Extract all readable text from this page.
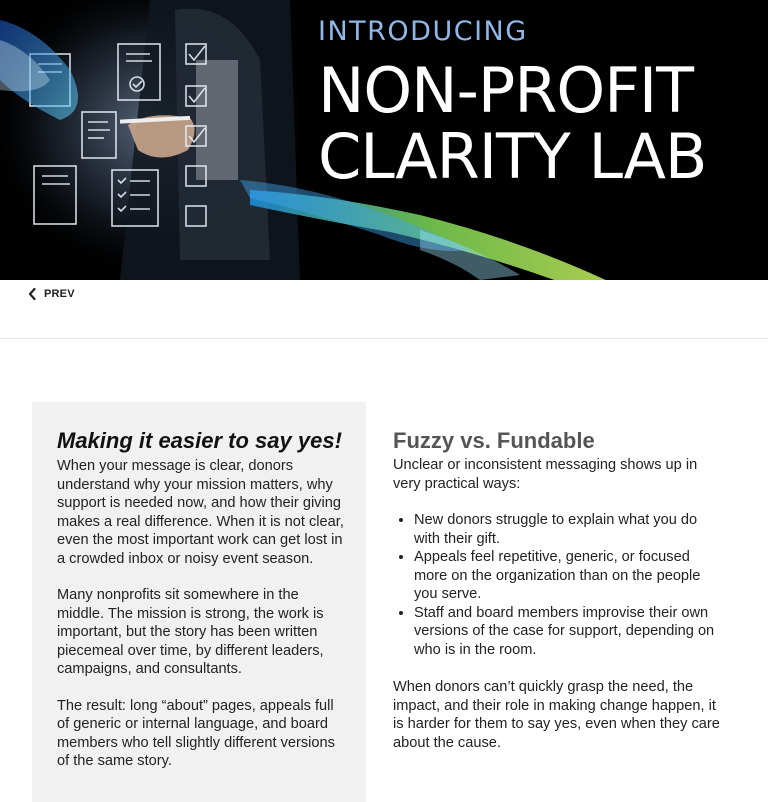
INTRODUCING
NON-PROFIT
CLARITY LAB
PREV
Making it easier to say yes!

When your message is clear, donors understand why your mission matters, why support is needed now, and how their giving makes a real difference. When it is not clear, even the most important work can get lost in a crowded inbox or noisy event season.

Many nonprofits sit somewhere in the middle. The mission is strong, the work is important, but the story has been written piecemeal over time, by different leaders, campaigns, and consultants.

The result: long “about” pages, appeals full of generic or internal language, and board members who tell slightly different versions of the same story.

Fuzzy vs. Fundable

Unclear or inconsistent messaging shows up in very practical ways:

• New donors struggle to explain what you do with their gift.
• Appeals feel repetitive, generic, or focused more on the organization than on the people you serve.
• Staff and board members improvise their own versions of the case for support, depending on who is in the room.

When donors can’t quickly grasp the need, the impact, and their role in making change happen, it is harder for them to say yes, even when they care about the cause.
